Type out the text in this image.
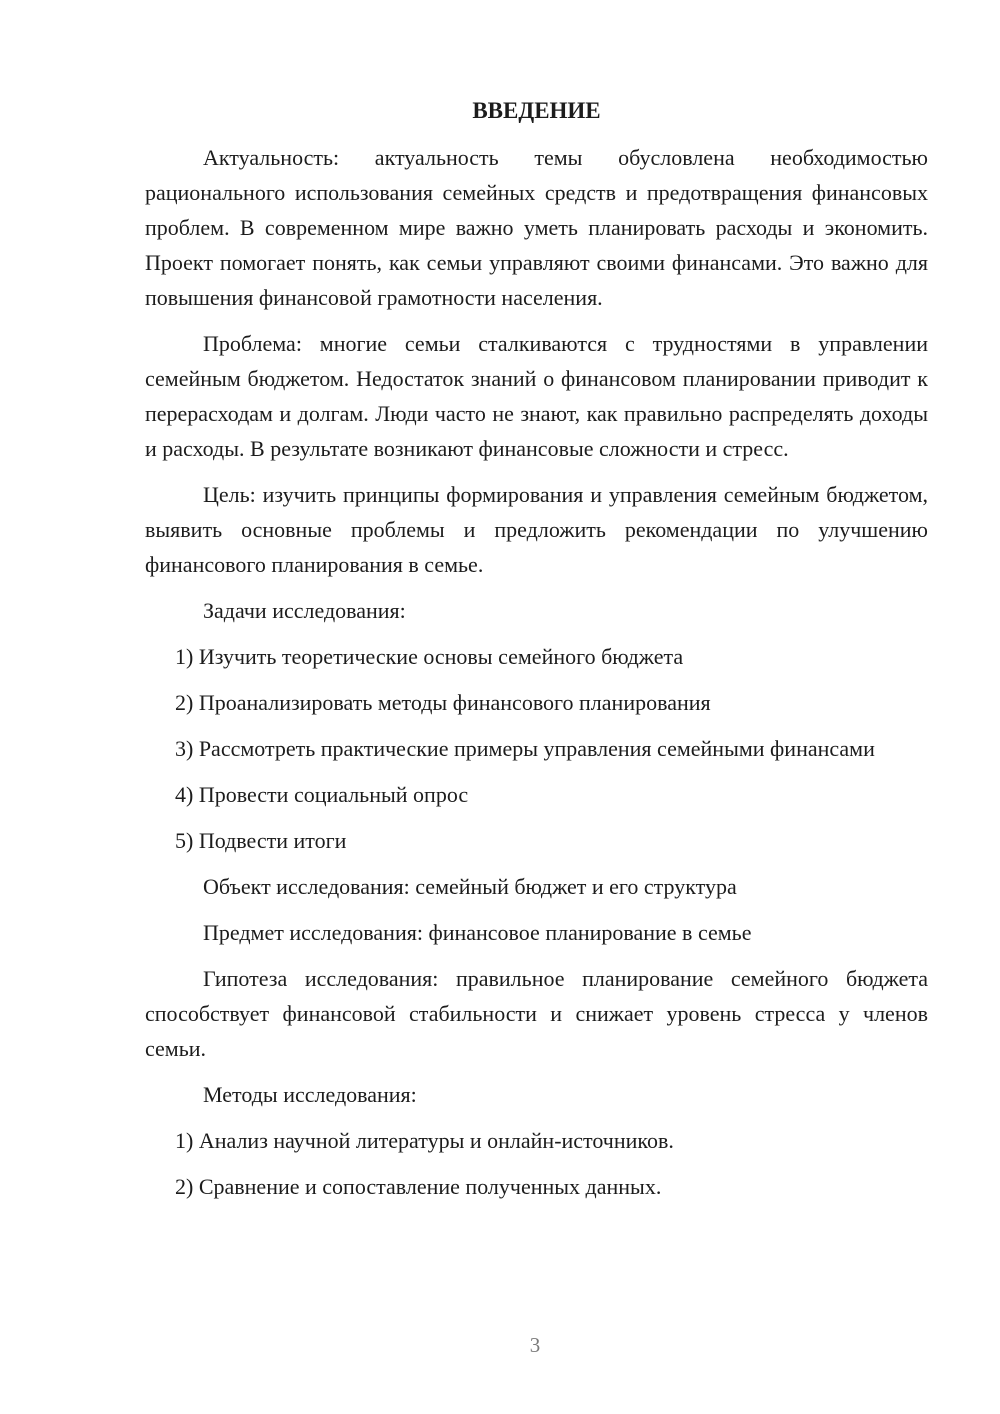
ВВЕДЕНИЕ

Актуальность: актуальность темы обусловлена необходимостью рационального использования семейных средств и предотвращения финансовых проблем. В современном мире важно уметь планировать расходы и экономить. Проект помогает понять, как семьи управляют своими финансами. Это важно для повышения финансовой грамотности населения.

Проблема: многие семьи сталкиваются с трудностями в управлении семейным бюджетом. Недостаток знаний о финансовом планировании приводит к перерасходам и долгам. Люди часто не знают, как правильно распределять доходы и расходы. В результате возникают финансовые сложности и стресс.

Цель: изучить принципы формирования и управления семейным бюджетом, выявить основные проблемы и предложить рекомендации по улучшению финансового планирования в семье.

Задачи исследования:

1) Изучить теоретические основы семейного бюджета

2) Проанализировать методы финансового планирования

3) Рассмотреть практические примеры управления семейными финансами

4) Провести социальный опрос

5) Подвести итоги

Объект исследования: семейный бюджет и его структура

Предмет исследования: финансовое планирование в семье

Гипотеза исследования: правильное планирование семейного бюджета способствует финансовой стабильности и снижает уровень стресса у членов семьи.

Методы исследования:

1) Анализ научной литературы и онлайн-источников.

2) Сравнение и сопоставление полученных данных.

3
